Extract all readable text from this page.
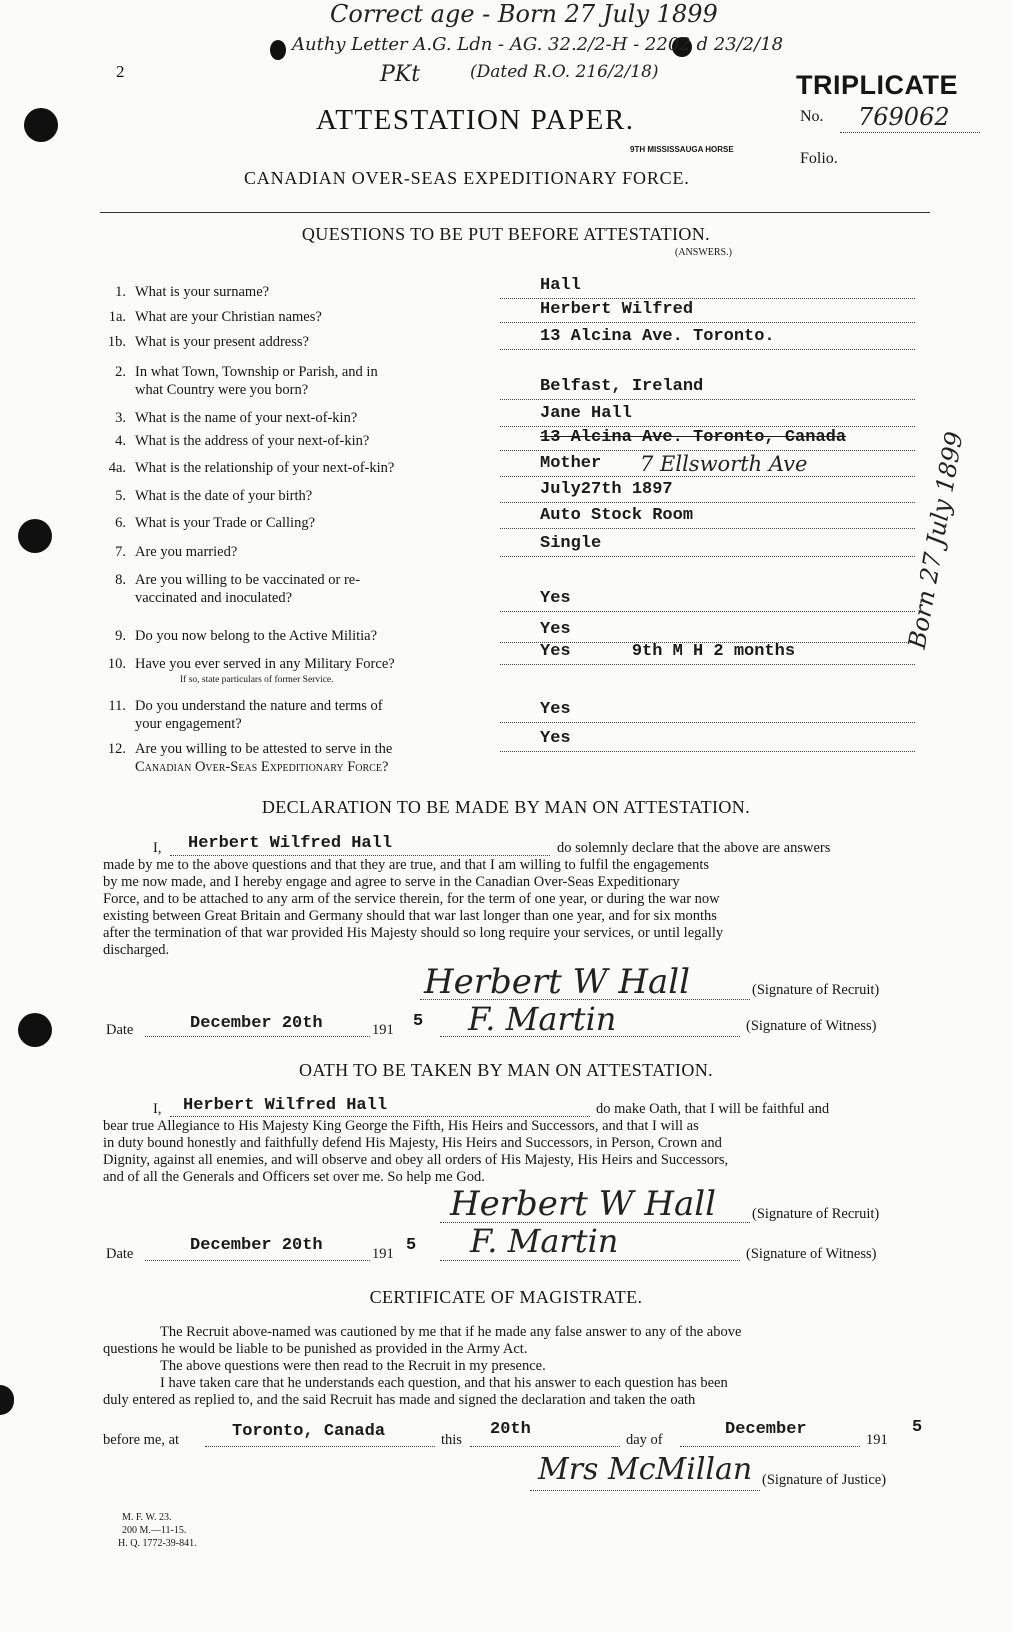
Correct age - Born 27 July 1899
Authy Letter A.G. Ldn - AG. 32.2/2-H - 2202 d 23/2/18
(Dated R.O. 216/2/18)
2	PKt	TRIPLICATE
No. 769062
Folio.
ATTESTATION PAPER.
9TH MISSISSAUGA HORSE
CANADIAN OVER-SEAS EXPEDITIONARY FORCE.
QUESTIONS TO BE PUT BEFORE ATTESTATION.
(ANSWERS.)
1. What is your surname?	Hall
1a. What are your Christian names?	Herbert Wilfred
1b. What is your present address?	13 Alcina Ave. Toronto.
2. In what Town, Township or Parish, and in
what Country were you born?	Belfast, Ireland
3. What is the name of your next-of-kin?	Jane Hall
4. What is the address of your next-of-kin?	13 Alcina Ave. Toronto, Canada
4a. What is the relationship of your next-of-kin?	Mother
5. What is the date of your birth?	July27th 1897
6. What is your Trade or Calling?	Auto Stock Room
7. Are you married?	Single
8. Are you willing to be vaccinated or re-
vaccinated and inoculated?	Yes
9. Do you now belong to the Active Militia?	Yes
10. Have you ever served in any Military Force?
If so, state particulars of former Service.
Yes      9th M H 2 months
11. Do you understand the nature and terms of
your engagement?
Yes
12. Are you willing to be attested to serve in the
Canadian Over-Seas Expeditionary Force?
Yes
7 Ellsworth Ave	Born 27 July 1899
DECLARATION TO BE MADE BY MAN ON ATTESTATION.
I, Herbert Wilfred Hall	do solemnly declare that the above are answers
made by me to the above questions and that they are true, and that I am willing to fulfil the engagements
by me now made, and I hereby engage and agree to serve in the Canadian Over-Seas Expeditionary
Force, and to be attached to any arm of the service therein, for the term of one year, or during the war now
existing between Great Britain and Germany should that war last longer than one year, and for six months
after the termination of that war provided His Majesty should so long require your services, or until legally
discharged.
Herbert W Hall	(Signature of Recruit)
Date	December 20th	191 5 F. Martin	(Signature of Witness)
OATH TO BE TAKEN BY MAN ON ATTESTATION.
I, Herbert Wilfred Hall	do make Oath, that I will be faithful and
bear true Allegiance to His Majesty King George the Fifth, His Heirs and Successors, and that I will as
in duty bound honestly and faithfully defend His Majesty, His Heirs and Successors, in Person, Crown and
Dignity, against all enemies, and will observe and obey all orders of His Majesty, His Heirs and Successors,
and of all the Generals and Officers set over me. So help me God.
Herbert W Hall (Signature of Recruit)
Date	December 20th	191 5 F. Martin	(Signature of Witness)
CERTIFICATE OF MAGISTRATE.
The Recruit above-named was cautioned by me that if he made any false answer to any of the above
questions he would be liable to be punished as provided in the Army Act.
The above questions were then read to the Recruit in my presence.
I have taken care that he understands each question, and that his answer to each question has been
duly entered as replied to, and the said Recruit has made and signed the declaration and taken the oath
before me, at	Toronto, Canada	this
20th
day of
December
191
5
Mrs McMillan (Signature of Justice)
M. F. W. 23.
200 M.—11-15.
H. Q. 1772-39-841.
